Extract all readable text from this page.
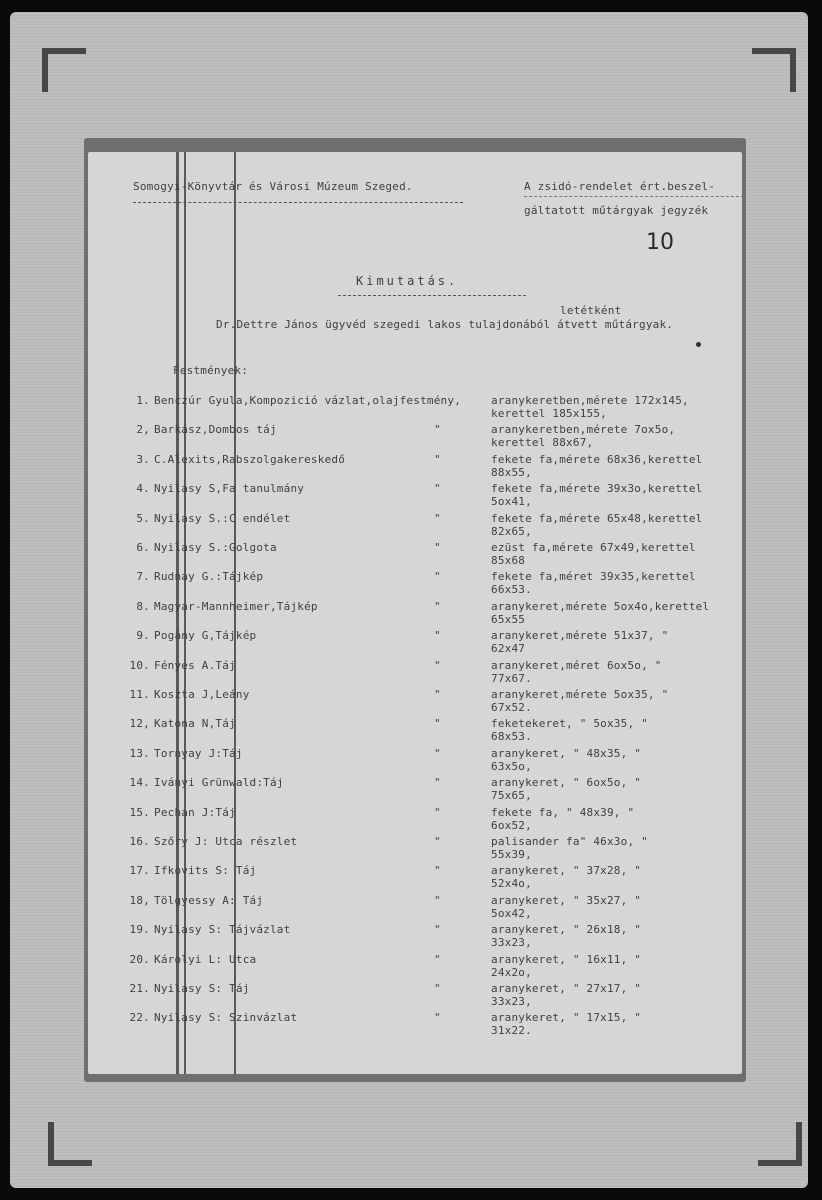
Somogyi-Könyvtár és Városi Múzeum Szeged.	A zsidó-rendelet ért.beszel-
gáltatott műtárgyak jegyzék
10
Kimutatás.
letétként
Dr.Dettre János ügyvéd szegedi lakos tulajdonából átvett műtárgyak.
Festmények:
1. Benczúr Gyula,Kompozició vázlat,olajfestmény,	aranykeretben,mérete 172x145,
kerettel 185x155,
2, Barkász,Dombos táj	"	aranykeretben,mérete 7ox5o,
kerettel 88x67,
3. C.Alexits,Rabszolgakereskedő	"	fekete fa,mérete 68x36,kerettel
88x55,
4. Nyilasy S,Fa tanulmány	"	fekete fa,mérete 39x3o,kerettel
5ox41,
5. Nyilasy S.:C endélet	"	fekete fa,mérete 65x48,kerettel
82x65,
6. Nyilasy S.:Golgota	"	ezüst fa,mérete 67x49,kerettel
85x68
7. Rudnay G.:Tájkép	"	fekete fa,méret 39x35,kerettel
66x53.
8. Magyar-Mannheimer,Tájkép	"	aranykeret,mérete 5ox4o,kerettel
65x55
9. Pogány G,Tájkép	"	aranykeret,mérete 51x37, "
62x47
10. Fényes A.Táj	"	aranykeret,méret 6ox5o, "
77x67.
11. Koszta J,Leány	"	aranykeret,mérete 5ox35, "
67x52.
12, Katona N,Táj	"	feketekeret, " 5ox35, "
68x53.
13. Tornyay J:Táj	"	aranykeret, " 48x35, "
63x5o,
14. Iványi Grünwald:Táj	"	aranykeret, " 6ox5o, "
75x65,
15. Pechan J:Táj	"	fekete fa, " 48x39, "
6ox52,
16. Szőry J: Utca részlet	"	palisander fa" 46x3o, "
55x39,
17. Ifkovits S: Táj	"	aranykeret, " 37x28, "
52x4o,
18, Tölgyessy A: Táj	"	aranykeret, " 35x27, "
5ox42,
19. Nyilasy S: Tájvázlat	"	aranykeret, " 26x18, "
33x23,
20. Károlyi L: Utca	"	aranykeret, " 16x11, "
24x2o,
21. Nyilasy S: Táj	"	aranykeret, " 27x17, "
33x23,
22. Nyilasy S: Szinvázlat	"	aranykeret, " 17x15, "
31x22.
